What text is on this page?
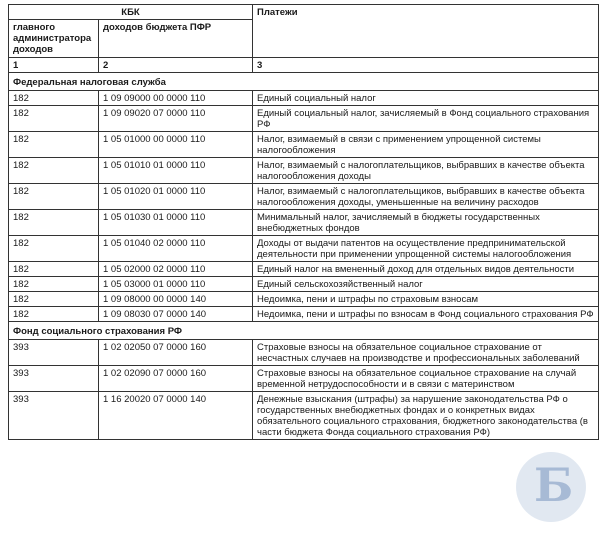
КБК		Платежи
главного администратора доходов	доходов бюджета ПФР	
1	2	3
Федеральная налоговая служба		
182	1 09 09000 00 0000 110	Единый социальный налог
182	1 09 09020 07 0000 110	Единый социальный налог, зачисляемый в Фонд социального страхования РФ
182	1 05 01000 00 0000 110	Налог, взимаемый в связи с применением упрощенной системы налогообложения
182	1 05 01010 01 0000 110	Налог, взимаемый с налогоплательщиков, выбравших в качестве объекта налогообложения доходы
182	1 05 01020 01 0000 110	Налог, взимаемый с налогоплательщиков, выбравших в качестве объекта налогообложения доходы, уменьшенные на величину расходов
182	1 05 01030 01 0000 110	Минимальный налог, зачисляемый в бюджеты государственных внебюджетных фондов
182	1 05 01040 02 0000 110	Доходы от выдачи патентов на осуществление предпринимательской деятельности при применении упрощенной системы налогообложения
182	1 05 02000 02 0000 110	Единый налог на вмененный доход для отдельных видов деятельности
182	1 05 03000 01 0000 110	Единый сельскохозяйственный налог
182	1 09 08000 00 0000 140	Недоимка, пени и штрафы по страховым взносам
182	1 09 08030 07 0000 140	Недоимка, пени и штрафы по взносам в Фонд социального страхования РФ
Фонд социального страхования РФ		
393	1 02 02050 07 0000 160	Страховые взносы на обязательное социальное страхование от несчастных случаев на производстве и профессиональных заболеваний
393	1 02 02090 07 0000 160	Страховые взносы на обязательное социальное страхование на случай временной нетрудоспособности и в связи с материнством
393	1 16 20020 07 0000 140	Денежные взыскания (штрафы) за нарушение законодательства РФ о государственных внебюджетных фондах и о конкретных видах обязательного социального страхования, бюджетного законодательства (в части бюджета Фонда социального страхования РФ)
Б
